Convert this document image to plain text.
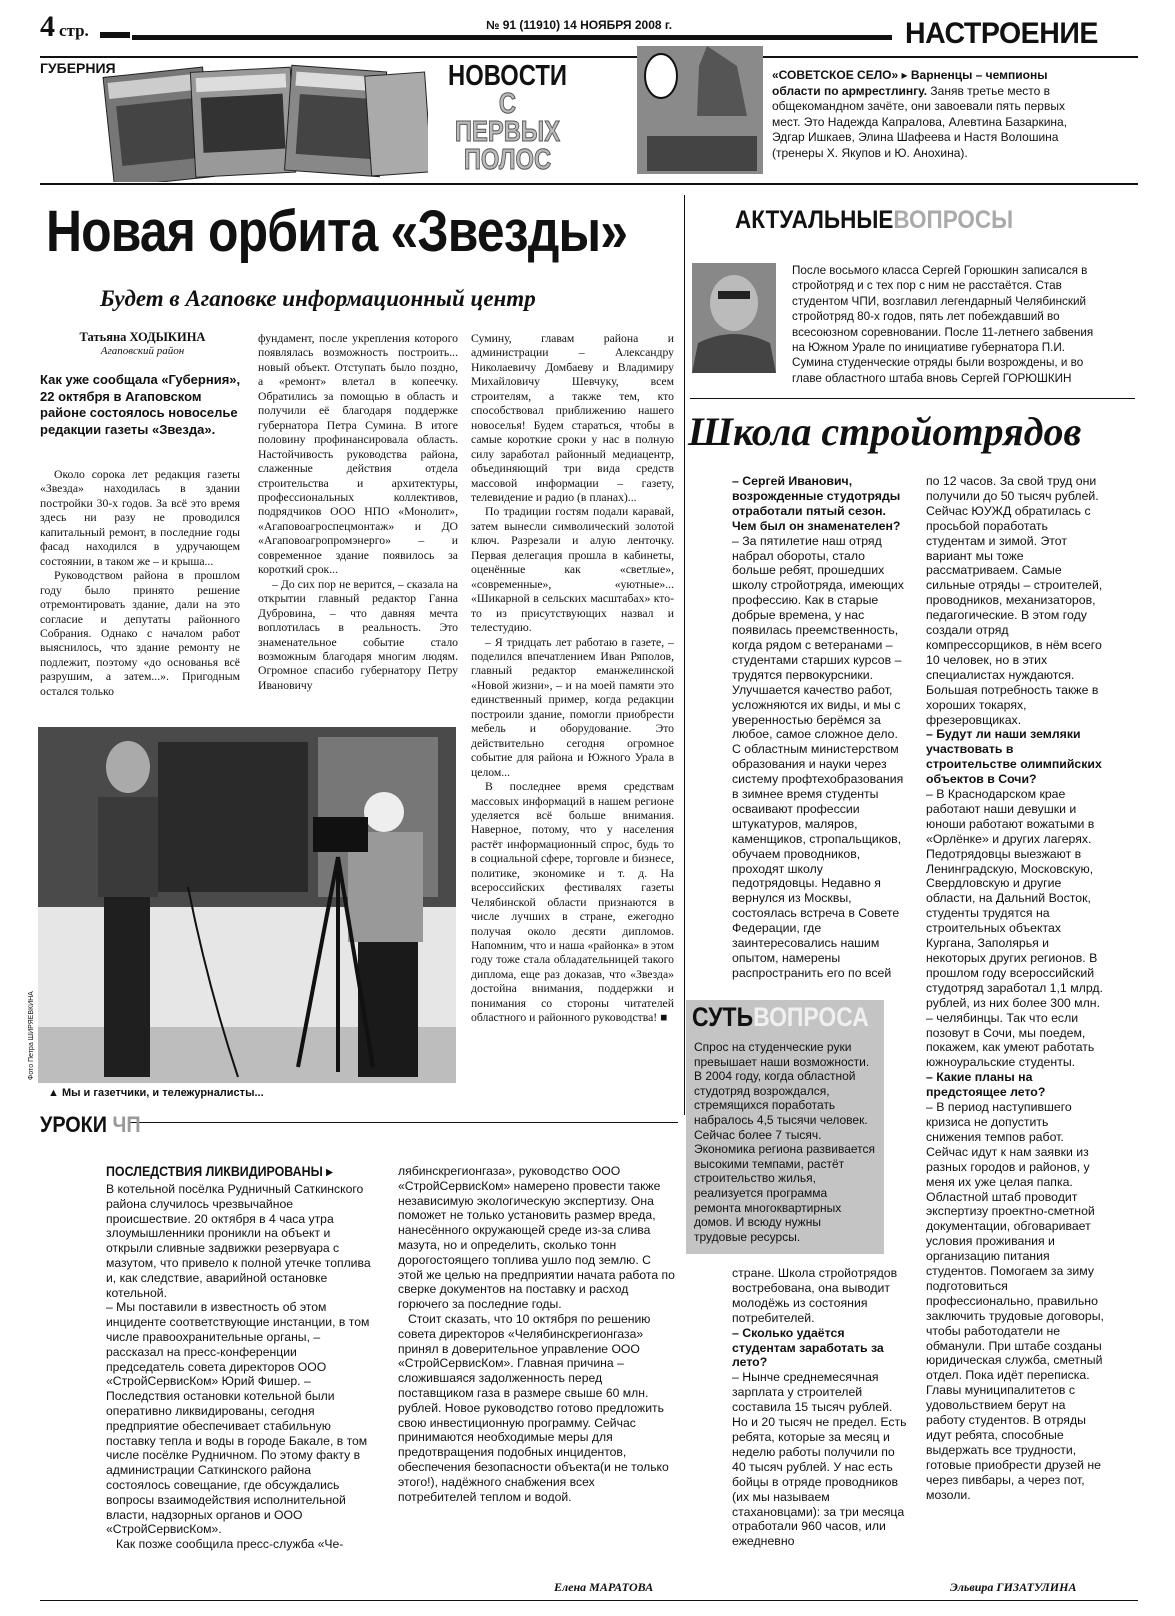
4 стр.	№ 91 (11910) 14 НОЯБРЯ 2008 г.	НАСТРОЕНИЕ
ГУБЕРНИЯ	НОВОСТИ
С ПЕРВЫХ
ПОЛОС
«СОВЕТСКОЕ СЕЛО» ▸ Варненцы – чемпионы области по армрестлингу. Заняв третье место в общекомандном зачёте, они завоевали пять первых мест. Это Надежда Капралова, Алевтина Базаркина, Эдгар Ишкаев, Элина Шафеева и Настя Волошина (тренеры Х. Якупов и Ю. Анохина).
Новая орбита «Звезды»
Будет в Агаповке информационный центр
Татьяна ХОДЫКИНА
Агаповский район
Как уже сообщала «Губерния», 22 октября в Агаповском районе состоялось новоселье редакции газеты «Звезда».

Около сорока лет редакция газеты «Звезда» находилась в здании постройки 30-х годов. За всё это время здесь ни разу не проводился капитальный ремонт, в последние годы фасад находился в удручающем состоянии, в таком же – и крыша...

Руководством района в прошлом году было принято решение отремонтировать здание, дали на это согласие и депутаты районного Собрания. Однако с началом работ выяснилось, что здание ремонту не подлежит, поэтому «до основанья всё разрушим, а затем...». Пригодным остался только

фундамент, после укрепления которого появлялась возможность построить... новый объект. Отступать было поздно, а «ремонт» влетал в копеечку. Обратились за помощью в область и получили её благодаря поддержке губернатора Петра Сумина. В итоге половину профинансировала область. Настойчивость руководства района, слаженные действия отдела строительства и архитектуры, профессиональных коллективов, подрядчиков ООО НПО «Монолит», «Агаповоагроспецмонтаж» и ДО «Агаповоагропромэнерго» – и современное здание появилось за короткий срок...

– До сих пор не верится, – сказала на открытии главный редактор Ганна Дубровина, – что давняя мечта воплотилась в реальность. Это знаменательное событие стало возможным благодаря многим людям. Огромное спасибо губернатору Петру Ивановичу

Сумину, главам района и администрации – Александру Николаевичу Домбаеву и Владимиру Михайловичу Шевчуку, всем строителям, а также тем, кто способствовал приближению нашего новоселья! Будем стараться, чтобы в самые короткие сроки у нас в полную силу заработал районный медиацентр, объединяющий три вида средств массовой информации – газету, телевидение и радио (в планах)...

По традиции гостям подали каравай, затем вынесли символический золотой ключ. Разрезали и алую ленточку. Первая делегация прошла в кабинеты, оценённые как «светлые», «современные», «уютные»... «Шикарной в сельских масштабах» кто-то из присутствующих назвал и телестудию.

– Я тридцать лет работаю в газете, – поделился впечатлением Иван Ряполов, главный редактор еманжелинской «Новой жизни», – и на моей памяти это единственный пример, когда редакции построили здание, помогли приобрести мебель и оборудование. Это действительно сегодня огромное событие для района и Южного Урала в целом...

В последнее время средствам массовых информаций в нашем регионе уделяется всё больше внимания. Наверное, потому, что у населения растёт информационный спрос, будь то в социальной сфере, торговле и бизнесе, политике, экономике и т. д. На всероссийских фестивалях газеты Челябинской области признаются в числе лучших в стране, ежегодно получая около десяти дипломов. Напомним, что и наша «районка» в этом году тоже стала обладательницей такого диплома, еще раз доказав, что «Звезда» достойна внимания, поддержки и понимания со стороны читателей областного и районного руководства! ■

Фото Петра ШИРЯЕВКИНА
▲ Мы и газетчики, и тележурналисты...
АКТУАЛЬНЫЕВОПРОСЫ
После восьмого класса Сергей Горюшкин записался в стройотряд и с тех пор с ним не расстаётся. Став студентом ЧПИ, возглавил легендарный Челябинский стройотряд 80-х годов, пять лет побеждавший во всесоюзном соревновании. После 11-летнего забвения на Южном Урале по инициативе губернатора П.И. Сумина студенческие отряды были возрождены, и во главе областного штаба вновь Сергей ГОРЮШКИН
Школа стройотрядов
– Сергей Иванович, возрожденные студотряды отработали пятый сезон. Чем был он знаменателен?
– За пятилетие наш отряд набрал обороты, стало больше ребят, прошедших школу стройотряда, имеющих профессию. Как в старые добрые времена, у нас появилась преемственность, когда рядом с ветеранами – студентами старших курсов – трудятся первокурсники. Улучшается качество работ, усложняются их виды, и мы с уверенностью берёмся за любое, самое сложное дело. С областным министерством образования и науки через систему профтехобразования в зимнее время студенты осваивают профессии штукатуров, маляров, каменщиков, стропальщиков, обучаем проводников, проходят школу педотрядовцы. Недавно я вернулся из Москвы, состоялась встреча в Совете Федерации, где заинтересовались нашим опытом, намерены распространить его по всей
СУТЬВОПРОСА
Спрос на студенческие руки превышает наши возможности. В 2004 году, когда областной студотряд возрождался, стремящихся поработать набралось 4,5 тысячи человек. Сейчас более 7 тысяч. Экономика региона развивается высокими темпами, растёт строительство жилья, реализуется программа ремонта многоквартирных домов. И всюду нужны трудовые ресурсы.
стране. Школа стройотрядов востребована, она выводит молодёжь из состояния потребителей.
– Сколько удаётся студентам заработать за лето?
– Нынче среднемесячная зарплата у строителей составила 15 тысяч рублей. Но и 20 тысяч не предел. Есть ребята, которые за месяц и неделю работы получили по 40 тысяч рублей. У нас есть бойцы в отряде проводников (их мы называем стахановцами): за три месяца отработали 960 часов, или ежедневно
по 12 часов. За свой труд они получили до 50 тысяч рублей. Сейчас ЮУЖД обратилась с просьбой поработать студентам и зимой. Этот вариант мы тоже рассматриваем. Самые сильные отряды – строителей, проводников, механизаторов, педагогические. В этом году создали отряд компрессорщиков, в нём всего 10 человек, но в этих специалистах нуждаются. Большая потребность также в хороших токарях, фрезеровщиках.
– Будут ли наши земляки участвовать в строительстве олимпийских объектов в Сочи?
– В Краснодарском крае работают наши девушки и юноши работают вожатыми в «Орлёнке» и других лагерях. Педотрядовцы выезжают в Ленинградскую, Московскую, Свердловскую и другие области, на Дальний Восток, студенты трудятся на строительных объектах Кургана, Заполярья и некоторых других регионов. В прошлом году всероссийский студотряд заработал 1,1 млрд. рублей, из них более 300 млн. – челябинцы. Так что если позовут в Сочи, мы поедем, покажем, как умеют работать южноуральские студенты.
– Какие планы на предстоящее лето?
– В период наступившего кризиса не допустить снижения темпов работ. Сейчас идут к нам заявки из разных городов и районов, у меня их уже целая папка. Областной штаб проводит экспертизу проектно-сметной документации, обговаривает условия проживания и организацию питания студентов. Помогаем за зиму подготовиться профессионально, правильно заключить трудовые договоры, чтобы работодатели не обманули. При штабе созданы юридическая служба, сметный отдел. Пока идёт переписка. Главы муниципалитетов с удовольствием берут на работу студентов. В отряды идут ребята, способные выдержать все трудности, готовые приобрести друзей не через пивбары, а через пот, мозоли.
Эльвира ГИЗАТУЛИНА
УРОКИ ЧП
ПОСЛЕДСТВИЯ ЛИКВИДИРОВАНЫ ▸
В котельной посёлка Рудничный Саткинского района случилось чрезвычайное происшествие. 20 октября в 4 часа утра злоумышленники проникли на объект и открыли сливные задвижки резервуара с мазутом, что привело к полной утечке топлива и, как следствие, аварийной остановке котельной.
– Мы поставили в известность об этом инциденте соответствующие инстанции, в том числе правоохранительные органы, – рассказал на пресс-конференции председатель совета директоров ООО «СтройСервисКом» Юрий Фишер. – Последствия остановки котельной были оперативно ликвидированы, сегодня предприятие обеспечивает стабильную поставку тепла и воды в городе Бакале, в том числе посёлке Рудничном. По этому факту в администрации Саткинского района состоялось совещание, где обсуждались вопросы взаимодействия исполнительной власти, надзорных органов и ООО «СтройСервисКом».
Как позже сообщила пресс-служба «Че-
лябинскрегионгаза», руководство ООО «СтройСервисКом» намерено провести также независимую экологическую экспертизу. Она поможет не только установить размер вреда, нанесённого окружающей среде из-за слива мазута, но и определить, сколько тонн дорогостоящего топлива ушло под землю. С этой же целью на предприятии начата работа по сверке документов на поставку и расход горючего за последние годы.
Стоит сказать, что 10 октября по решению совета директоров «Челябинскрегионгаза» принял в доверительное управление ООО «СтройСервисКом». Главная причина – сложившаяся задолженность перед поставщиком газа в размере свыше 60 млн. рублей. Новое руководство готово предложить свою инвестиционную программу. Сейчас принимаются необходимые меры для предотвращения подобных инцидентов, обеспечения безопасности объекта(и не только этого!), надёжного снабжения всех потребителей теплом и водой.
Елена МАРАТОВА
